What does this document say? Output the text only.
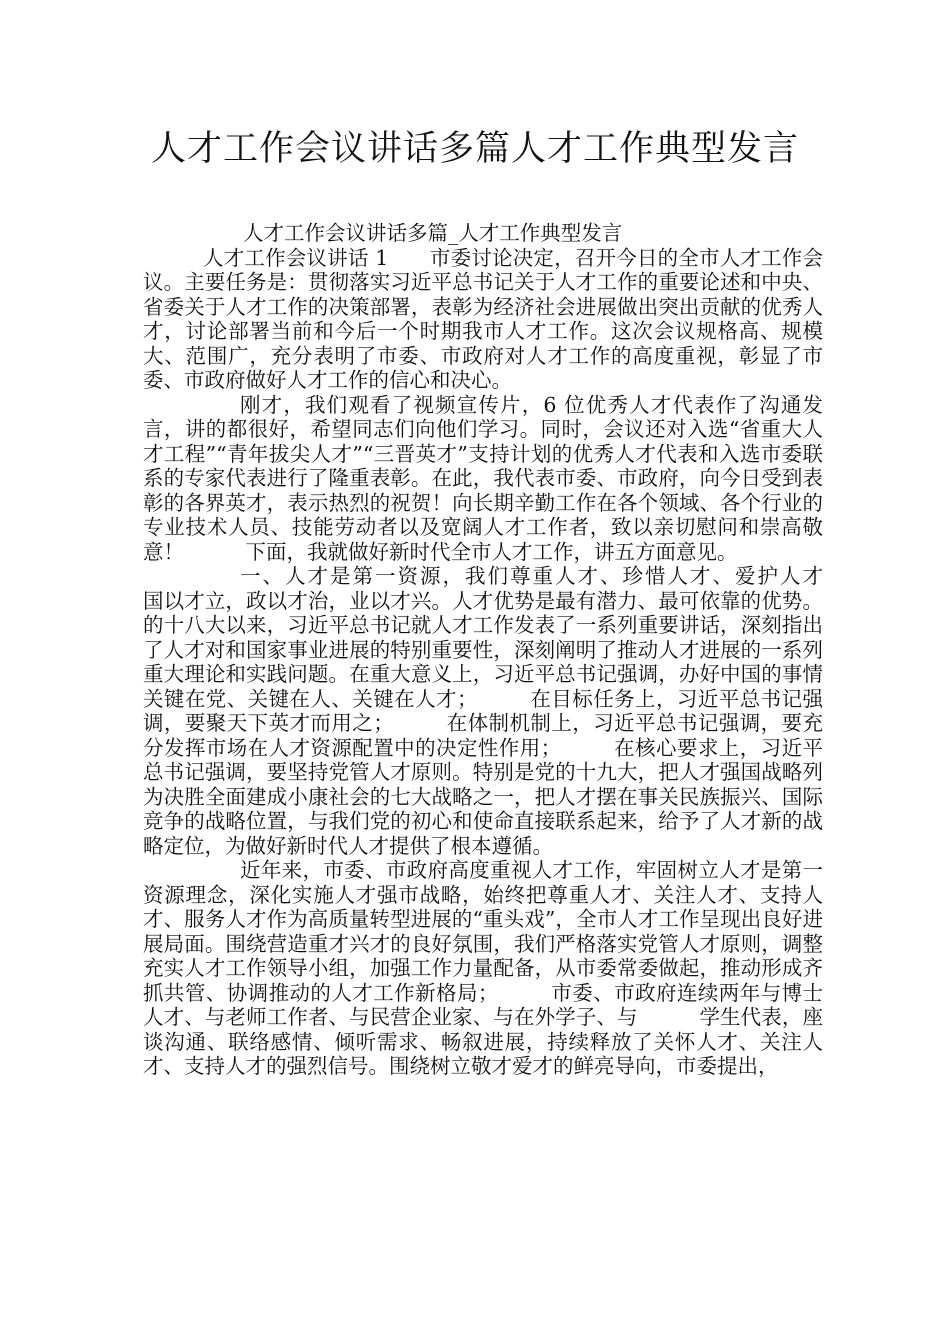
人才工作会议讲话多篇人才工作典型发言
人才工作会议讲话多篇_人才工作典型发言

人才工作会议讲话 1　　市委讨论决定，召开今日的全市人才工作会议。主要任务是：贯彻落实习近平总书记关于人才工作的重要论述和中央、省委关于人才工作的决策部署，表彰为经济社会进展做出突出贡献的优秀人才，讨论部署当前和今后一个时期我市人才工作。这次会议规格高、规模大、范围广，充分表明了市委、市政府对人才工作的高度重视，彰显了市委、市政府做好人才工作的信心和决心。

刚才，我们观看了视频宣传片，6 位优秀人才代表作了沟通发言，讲的都很好，希望同志们向他们学习。同时，会议还对入选“省重大人才工程”“青年拔尖人才”“三晋英才”支持计划的优秀人才代表和入选市委联系的专家代表进行了隆重表彰。在此，我代表市委、市政府，向今日受到表彰的各界英才，表示热烈的祝贺！向长期辛勤工作在各个领域、各个行业的专业技术人员、技能劳动者以及宽阔人才工作者，致以亲切慰问和崇高敬意！　　　下面，我就做好新时代全市人才工作，讲五方面意见。

一、人才是第一资源，我们尊重人才、珍惜人才、爱护人才　　国以才立，政以才治，业以才兴。人才优势是最有潜力、最可依靠的优势。的十八大以来，习近平总书记就人才工作发表了一系列重要讲话，深刻指出了人才对和国家事业进展的特别重要性，深刻阐明了推动人才进展的一系列重大理论和实践问题。在重大意义上，习近平总书记强调，办好中国的事情关键在党、关键在人、关键在人才；　　　在目标任务上，习近平总书记强调，要聚天下英才而用之；　　　在体制机制上，习近平总书记强调，要充分发挥市场在人才资源配置中的决定性作用；　　　在核心要求上，习近平总书记强调，要坚持党管人才原则。特别是党的十九大，把人才强国战略列为决胜全面建成小康社会的七大战略之一，把人才摆在事关民族振兴、国际竞争的战略位置，与我们党的初心和使命直接联系起来，给予了人才新的战略定位，为做好新时代人才提供了根本遵循。

近年来，市委、市政府高度重视人才工作，牢固树立人才是第一资源理念，深化实施人才强市战略，始终把尊重人才、关注人才、支持人才、服务人才作为高质量转型进展的“重头戏”，全市人才工作呈现出良好进展局面。围绕营造重才兴才的良好氛围，我们严格落实党管人才原则，调整充实人才工作领导小组，加强工作力量配备，从市委常委做起，推动形成齐抓共管、协调推动的人才工作新格局；　　　市委、市政府连续两年与博士人才、与老师工作者、与民营企业家、与在外学子、与　　　学生代表，座谈沟通、联络感情、倾听需求、畅叙进展，持续释放了关怀人才、关注人才、支持人才的强烈信号。围绕树立敬才爱才的鲜亮导向，市委提出，
